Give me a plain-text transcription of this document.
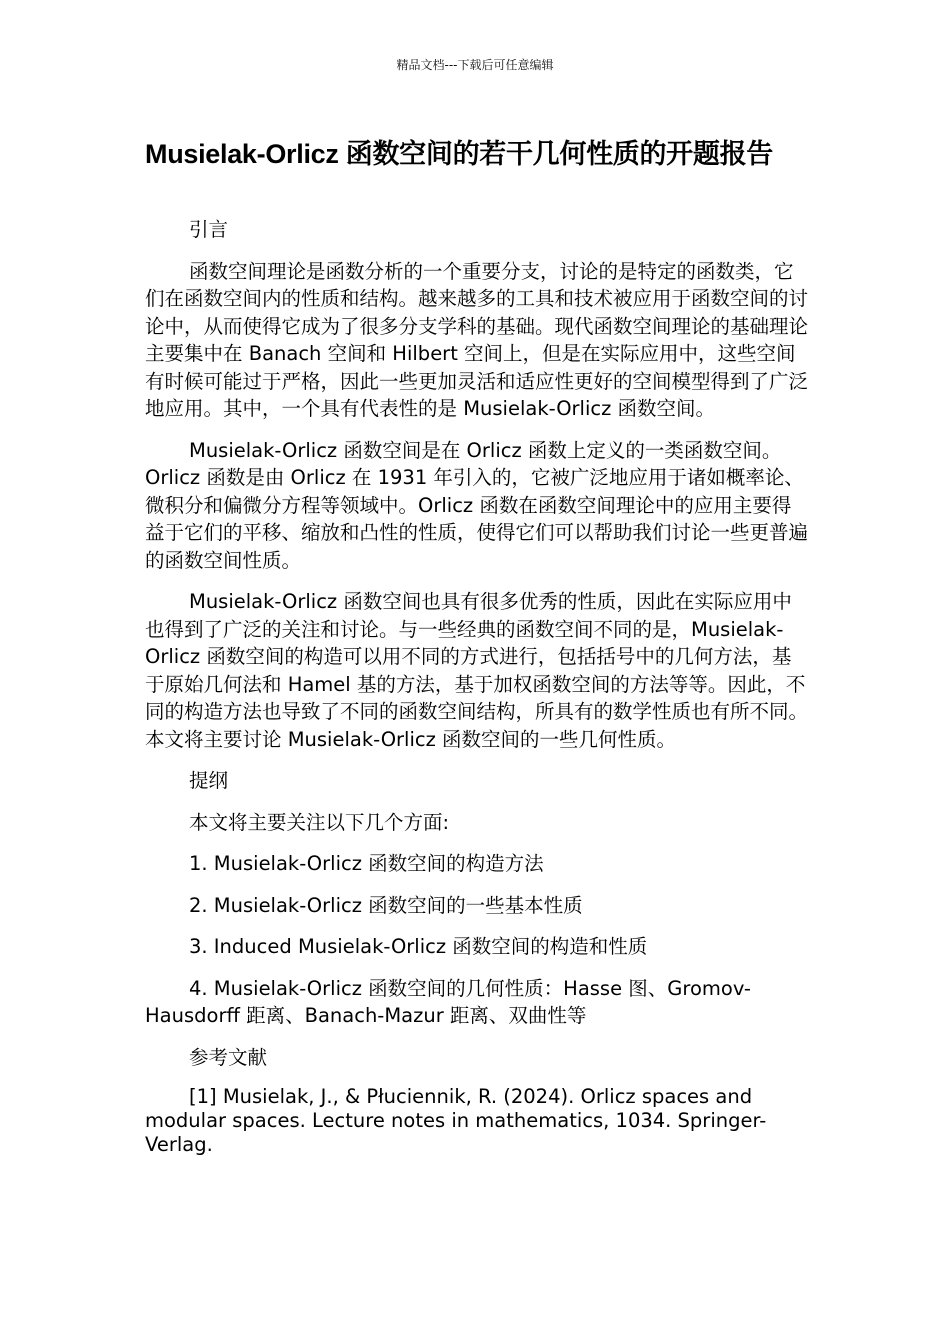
精品文档---下载后可任意编辑
Musielak-Orlicz 函数空间的若干几何性质的开题报告

引言

函数空间理论是函数分析的一个重要分支，讨论的是特定的函数类，它们在函数空间内的性质和结构。越来越多的工具和技术被应用于函数空间的讨论中，从而使得它成为了很多分支学科的基础。现代函数空间理论的基础理论主要集中在 Banach 空间和 Hilbert 空间上，但是在实际应用中，这些空间有时候可能过于严格，因此一些更加灵活和适应性更好的空间模型得到了广泛地应用。其中，一个具有代表性的是 Musielak-Orlicz 函数空间。

Musielak-Orlicz 函数空间是在 Orlicz 函数上定义的一类函数空间。Orlicz 函数是由 Orlicz 在 1931 年引入的，它被广泛地应用于诸如概率论、微积分和偏微分方程等领域中。Orlicz 函数在函数空间理论中的应用主要得益于它们的平移、缩放和凸性的性质，使得它们可以帮助我们讨论一些更普遍的函数空间性质。

Musielak-Orlicz 函数空间也具有很多优秀的性质，因此在实际应用中也得到了广泛的关注和讨论。与一些经典的函数空间不同的是，Musielak-Orlicz 函数空间的构造可以用不同的方式进行，包括括号中的几何方法，基于原始几何法和 Hamel 基的方法，基于加权函数空间的方法等等。因此，不同的构造方法也导致了不同的函数空间结构，所具有的数学性质也有所不同。本文将主要讨论 Musielak-Orlicz 函数空间的一些几何性质。

提纲

本文将主要关注以下几个方面:

1. Musielak-Orlicz 函数空间的构造方法

2. Musielak-Orlicz 函数空间的一些基本性质

3. Induced Musielak-Orlicz 函数空间的构造和性质

4. Musielak-Orlicz 函数空间的几何性质：Hasse 图、Gromov-Hausdorff 距离、Banach-Mazur 距离、双曲性等

参考文献

[1] Musielak, J., & Płuciennik, R. (2024). Orlicz spaces and modular spaces. Lecture notes in mathematics, 1034. Springer-Verlag.
